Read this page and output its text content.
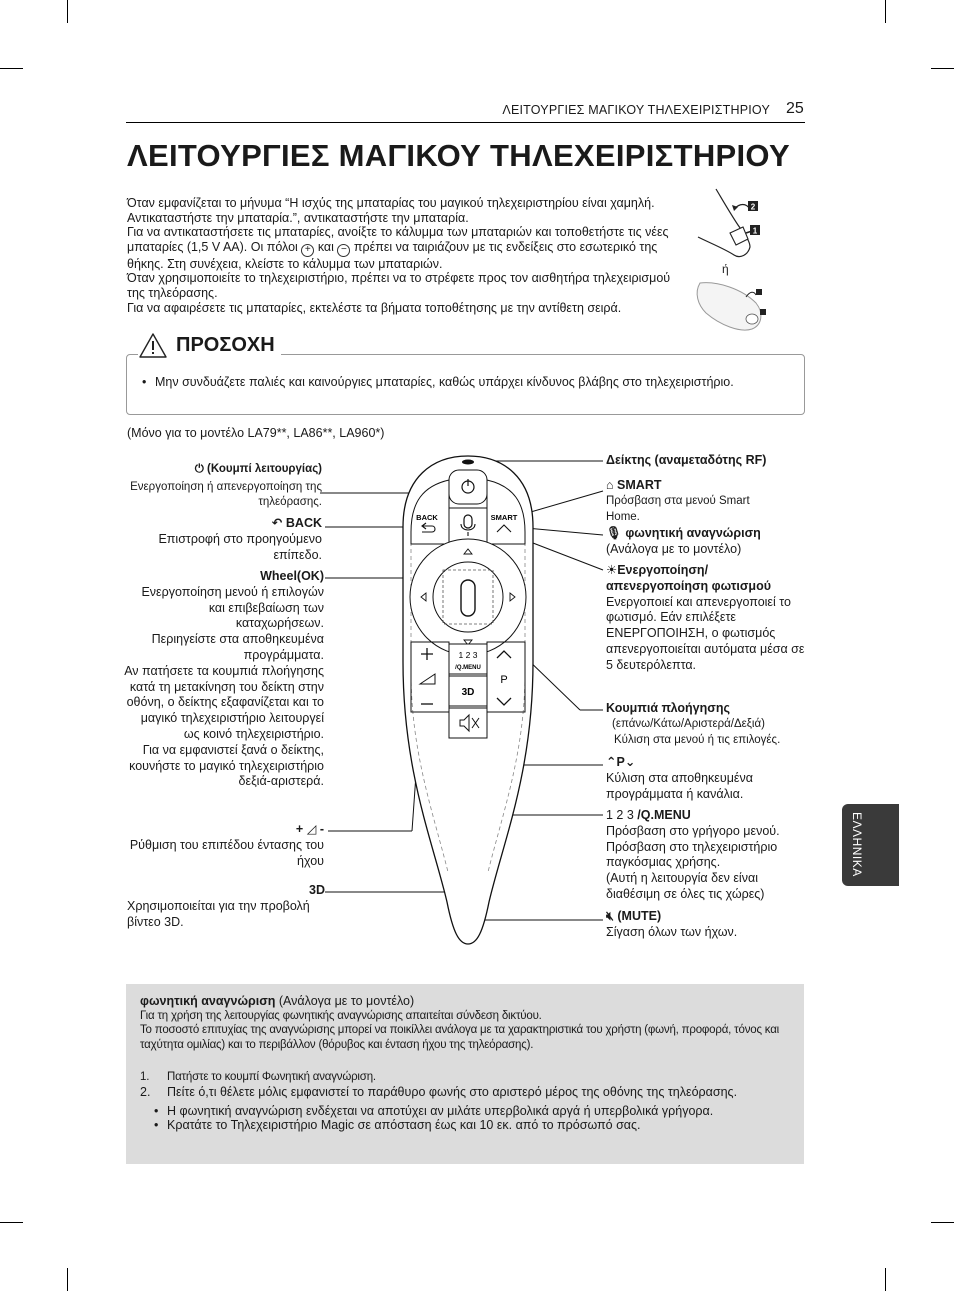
ΛΕΙΤΟΥΡΓΙΕΣ ΜΑΓΙΚΟΥ ΤΗΛΕΧΕΙΡΙΣΤΗΡΙΟΥ 25
ΛΕΙΤΟΥΡΓΙΕΣ ΜΑΓΙΚΟΥ ΤΗΛΕΧΕΙΡΙΣΤΗΡΙΟΥ

Όταν εμφανίζεται το μήνυμα “Η ισχύς της μπαταρίας του μαγικού τηλεχειριστηρίου είναι χαμηλή. Αντικαταστήστε την μπαταρία.”, αντικαταστήστε την μπαταρία.

Για να αντικαταστήσετε τις μπαταρίες, ανοίξτε το κάλυμμα των μπαταριών και τοποθετήστε τις νέες μπαταρίες (1,5 V AA). Οι πόλοι + και − πρέπει να ταιριάζουν με τις ενδείξεις στο εσωτερικό της θήκης. Στη συνέχεια, κλείστε το κάλυμμα των μπαταριών.

Όταν χρησιμοποιείτε το τηλεχειριστήριο, πρέπει να το στρέφετε προς τον αισθητήρα τηλεχειρισμού της τηλεόρασης.

Για να αφαιρέσετε τις μπαταρίες, εκτελέστε τα βήματα τοποθέτησης με την αντίθετη σειρά.

2
1
ή
ΠΡΟΣΟΧΗ
• Μην συνδυάζετε παλιές και καινούργιες μπαταρίες, καθώς υπάρχει κίνδυνος βλάβης στο τηλεχειριστήριο.
(Μόνο για το μοντέλο LA79**, LA86**, LA960*)
BACK	SMART
1 2 3
/Q.MENU
P
3D
⏻ (Κουμπί λειτουργίας)
Ενεργοποίηση ή απενεργοποίηση της τηλεόρασης.
↶ BACK
Επιστροφή στο προηγούμενο επίπεδο.
Wheel(OK)
Ενεργοποίηση μενού ή επιλογών και επιβεβαίωση των καταχωρήσεων.
Περιηγείστε στα αποθηκευμένα προγράμματα.
Αν πατήσετε τα κουμπιά πλοήγησης κατά τη μετακίνηση του δείκτη στην οθόνη, ο δείκτης εξαφανίζεται και το μαγικό τηλεχειριστήριο λειτουργεί ως κοινό τηλεχειριστήριο.
Για να εμφανιστεί ξανά ο δείκτης, κουνήστε το μαγικό τηλεχειριστήριο δεξιά-αριστερά.
+ ◿ -
Ρύθμιση του επιπέδου έντασης του ήχου
3D
Χρησιμοποιείται για την προβολή βίντεο 3D.
Δείκτης (αναμεταδότης RF)
⌂ SMART
Πρόσβαση στα μενού Smart Home.
🎙︎ φωνητική αναγνώριση
(Ανάλογα με το μοντέλο)
☀︎Ενεργοποίηση/ απενεργοποίηση φωτισμού
Ενεργοποιεί και απενεργοποιεί το φωτισμό. Εάν επιλέξετε ΕΝΕΡΓΟΠΟΙΗΣΗ, ο φωτισμός απενεργοποιείται αυτόματα μέσα σε 5 δευτερόλεπτα.
Κουμπιά πλοήγησης
(επάνω/Κάτω/Αριστερά/Δεξιά)
Κύλιση στα μενού ή τις επιλογές.
⌃P⌄
Κύλιση στα αποθηκευμένα προγράμματα ή κανάλια.
1 2 3 /Q.MENU
Πρόσβαση στο γρήγορο μενού.
Πρόσβαση στο τηλεχειριστήριο παγκόσμιας χρήσης.
(Αυτή η λειτουργία δεν είναι διαθέσιμη σε όλες τις χώρες)
🔇︎ (MUTE)
Σίγαση όλων των ήχων.
ΕΛΛΗΝΙΚΑ

φωνητική αναγνώριση (Ανάλογα με το μοντέλο)

Για τη χρήση της λειτουργίας φωνητικής αναγνώρισης απαιτείται σύνδεση δικτύου.

Το ποσοστό επιτυχίας της αναγνώρισης μπορεί να ποικίλλει ανάλογα με τα χαρακτηριστικά του χρήστη (φωνή, προφορά, τόνος και ταχύτητα ομιλίας) και το περιβάλλον (θόρυβος και ένταση ήχου της τηλεόρασης).

1. Πατήστε το κουμπί Φωνητική αναγνώριση.
2. Πείτε ό,τι θέλετε μόλις εμφανιστεί το παράθυρο φωνής στο αριστερό μέρος της οθόνης της τηλεόρασης.
• Η φωνητική αναγνώριση ενδέχεται να αποτύχει αν μιλάτε υπερβολικά αργά ή υπερβολικά γρήγορα.
• Κρατάτε το Τηλεχειριστήριο Magic σε απόσταση έως και 10 εκ. από το πρόσωπό σας.
